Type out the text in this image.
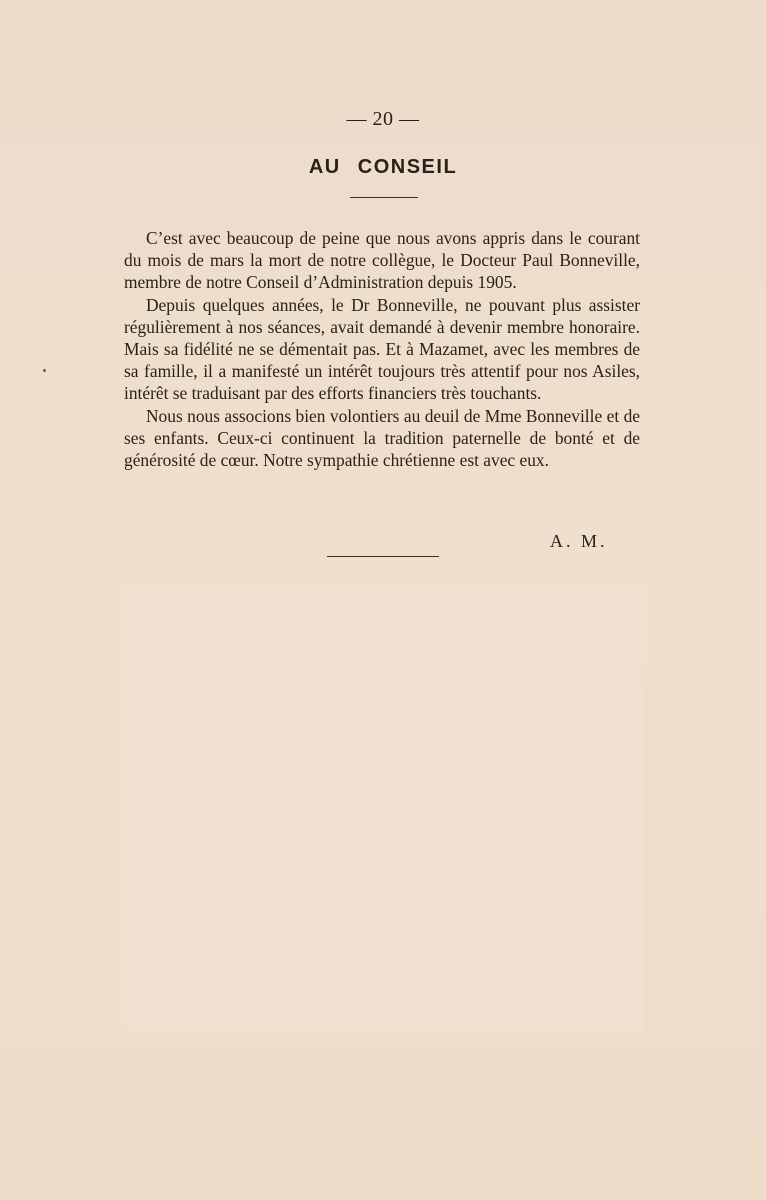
— 20 —
AU CONSEIL

C’est avec beaucoup de peine que nous avons appris dans le courant du mois de mars la mort de notre collègue, le Docteur Paul Bonneville, membre de notre Conseil d’Administration depuis 1905.

Depuis quelques années, le Dr Bonneville, ne pouvant plus assister régulièrement à nos séances, avait demandé à devenir membre honoraire. Mais sa fidélité ne se démentait pas. Et à Mazamet, avec les membres de sa famille, il a manifesté un intérêt toujours très attentif pour nos Asiles, intérêt se traduisant par des efforts financiers très touchants.

Nous nous associons bien volontiers au deuil de Mme Bonneville et de ses enfants. Ceux-ci continuent la tradition paternelle de bonté et de générosité de cœur. Notre sympathie chrétienne est avec eux.

A. M.
